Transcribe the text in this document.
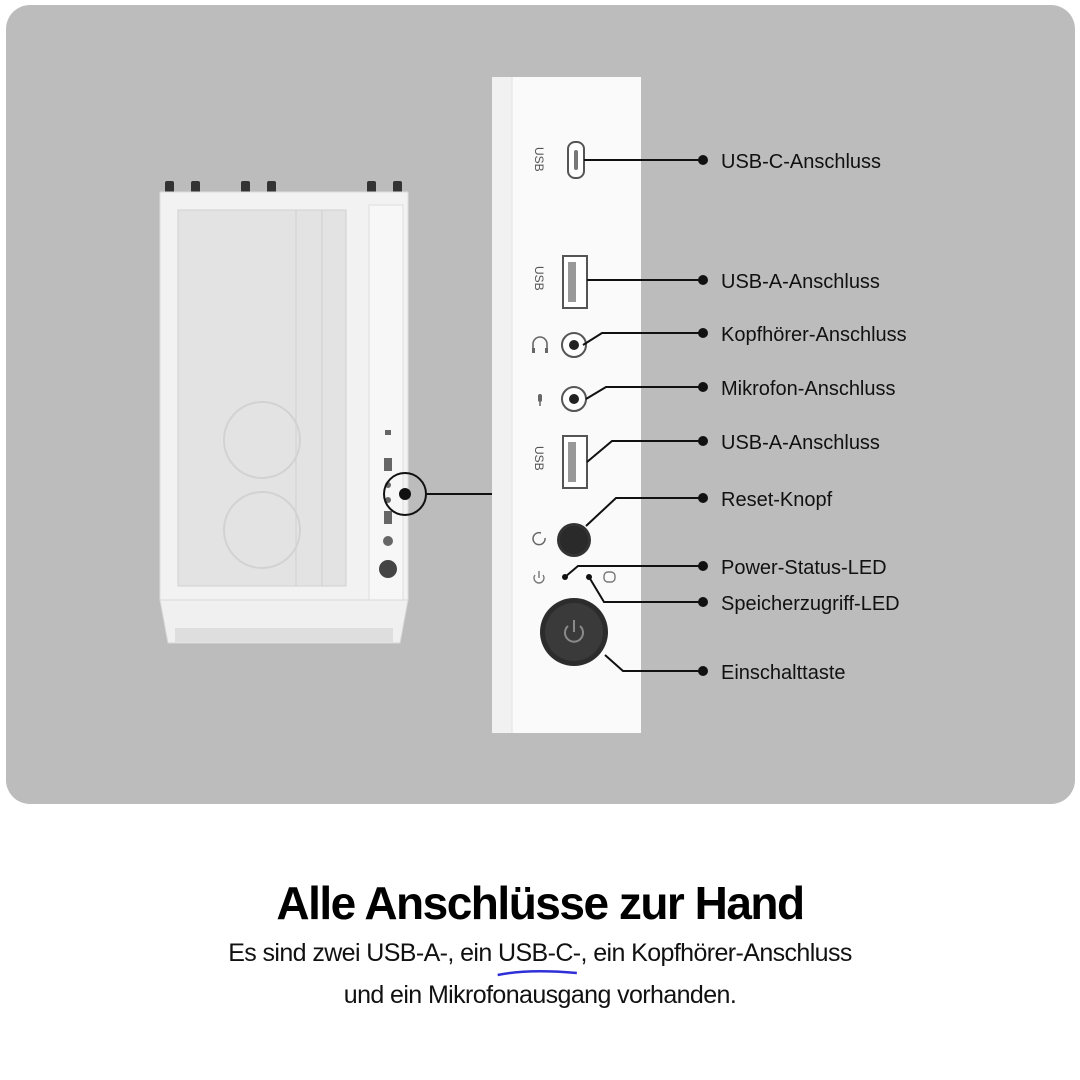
USB
USB
USB
USB-C-Anschluss
USB-A-Anschluss
Kopfhörer-Anschluss
Mikrofon-Anschluss
USB-A-Anschluss
Reset-Knopf
Power-Status-LED
Speicherzugriff-LED
Einschalttaste
Alle Anschlüsse zur Hand
Es sind zwei USB-A-, ein USB-C-
, ein Kopfhörer-Anschluss
und ein Mikrofonausgang vorhanden.
